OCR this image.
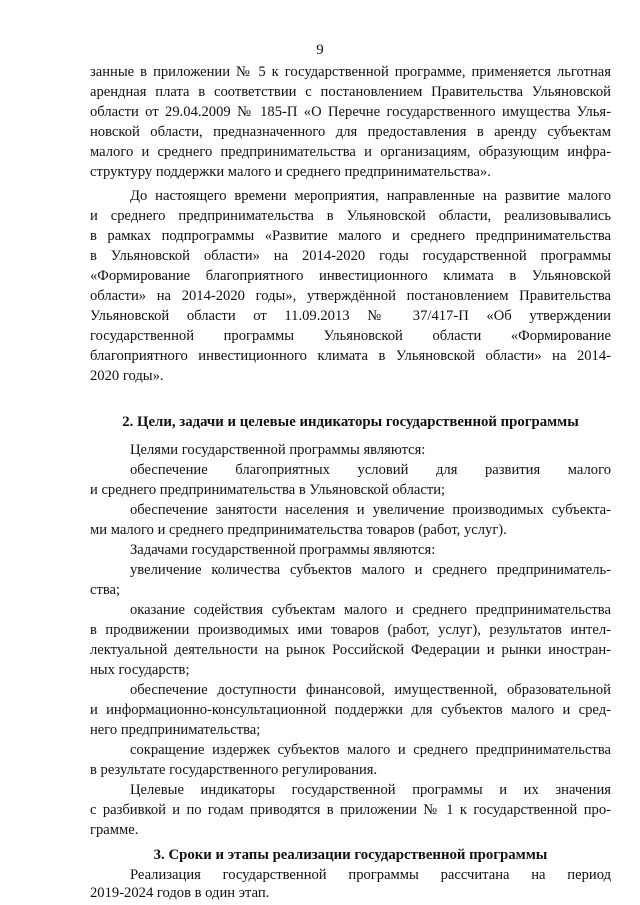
9
занные в приложении № 5 к государственной программе, применяется льготная
арендная плата в соответствии с постановлением Правительства Ульяновской
области от 29.04.2009 № 185-П «О Перечне государственного имущества Улья-
новской области, предназначенного для предоставления в аренду субъектам
малого и среднего предпринимательства и организациям, образующим инфра-
структуру поддержки малого и среднего предпринимательства».
До настоящего времени мероприятия, направленные на развитие малого
и среднего предпринимательства в Ульяновской области, реализовывались
в рамках подпрограммы «Развитие малого и среднего предпринимательства
в Ульяновской области» на 2014-2020 годы государственной программы
«Формирование благоприятного инвестиционного климата в Ульяновской
области» на 2014-2020 годы», утверждённой постановлением Правительства
Ульяновской области от 11.09.2013 № 37/417-П «Об утверждении
государственной программы Ульяновской области «Формирование
благоприятного инвестиционного климата в Ульяновской области» на 2014-
2020 годы».
2. Цели, задачи и целевые индикаторы государственной программы
Целями государственной программы являются:
обеспечение благоприятных условий для развития малого
и среднего предпринимательства в Ульяновской области;
обеспечение занятости населения и увеличение производимых субъекта-
ми малого и среднего предпринимательства товаров (работ, услуг).
Задачами государственной программы являются:
увеличение количества субъектов малого и среднего предприниматель-
ства;
оказание содействия субъектам малого и среднего предпринимательства
в продвижении производимых ими товаров (работ, услуг), результатов интел-
лектуальной деятельности на рынок Российской Федерации и рынки иностран-
ных государств;
обеспечение доступности финансовой, имущественной, образовательной
и информационно-консультационной поддержки для субъектов малого и сред-
него предпринимательства;
сокращение издержек субъектов малого и среднего предпринимательства
в результате государственного регулирования.
Целевые индикаторы государственной программы и их значения
с разбивкой и по годам приводятся в приложении № 1 к государственной про-
грамме.
3. Сроки и этапы реализации государственной программы
Реализация государственной программы рассчитана на период
2019-2024 годов в один этап.
